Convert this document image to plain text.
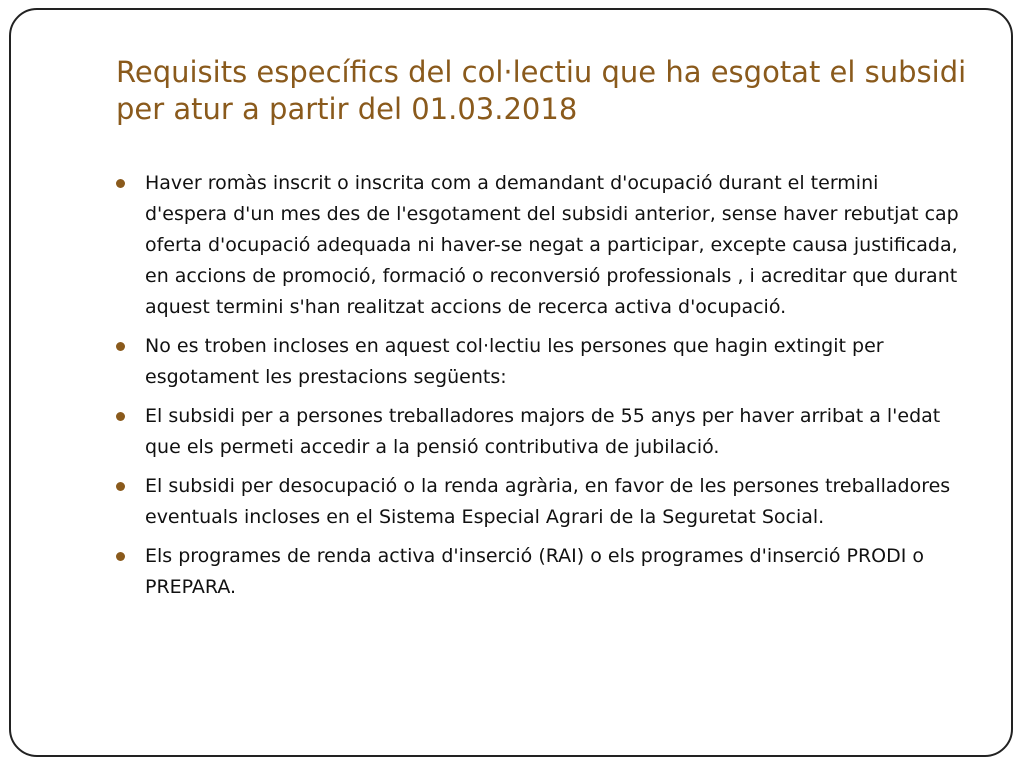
Requisits específics del col·lectiu que ha esgotat el subsidi per atur a partir del 01.03.2018
Haver romàs inscrit o inscrita com a demandant d'ocupació durant el termini d'espera d'un mes des de l'esgotament del subsidi anterior, sense haver rebutjat cap oferta d'ocupació adequada ni haver-se negat a participar, excepte causa justificada, en accions de promoció, formació o reconversió professionals , i acreditar que durant aquest termini s'han realitzat accions de recerca activa d'ocupació.
No es troben incloses en aquest col·lectiu les persones que hagin extingit per esgotament les prestacions següents:
El subsidi per a persones treballadores majors de 55 anys per haver arribat a l'edat que els permeti accedir a la pensió contributiva de jubilació.
El subsidi per desocupació o la renda agrària, en favor de les persones treballadores eventuals incloses en el Sistema Especial Agrari de la Seguretat Social.
Els programes de renda activa d'inserció (RAI) o els programes d'inserció PRODI o PREPARA.
